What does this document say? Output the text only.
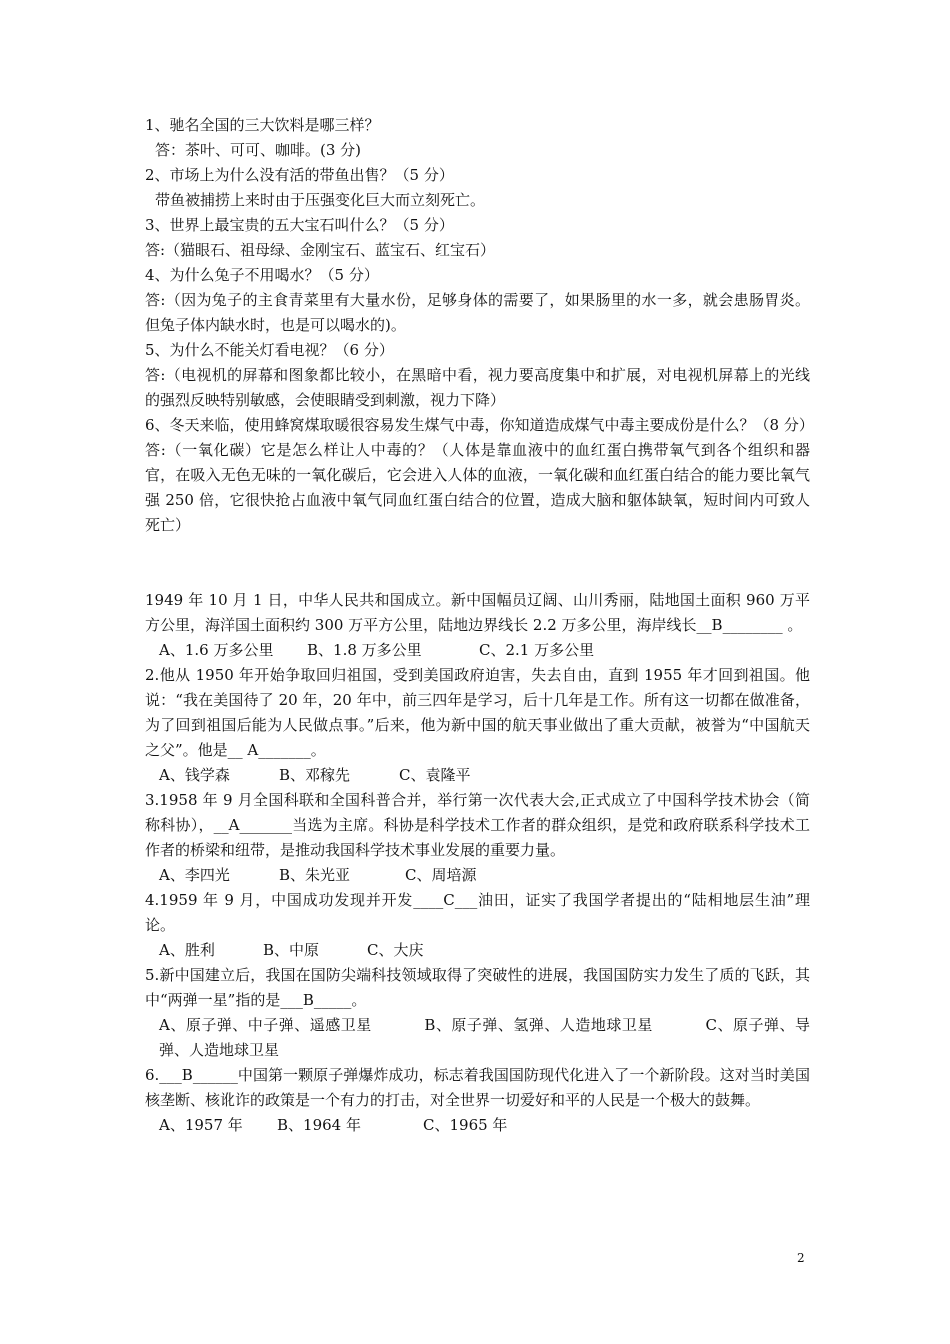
1、驰名全国的三大饮料是哪三样？
答：茶叶、可可、咖啡。(3 分)
2、市场上为什么没有活的带鱼出售？（5 分）
带鱼被捕捞上来时由于压强变化巨大而立刻死亡。
3、世界上最宝贵的五大宝石叫什么？（5 分）
答:（猫眼石、祖母绿、金刚宝石、蓝宝石、红宝石）
4、为什么兔子不用喝水？（5 分）
答:（因为兔子的主食青菜里有大量水份，足够身体的需要了，如果肠里的水一多，就会患肠胃炎。但兔子体内缺水时，也是可以喝水的)。
5、为什么不能关灯看电视？（6 分）
答:（电视机的屏幕和图象都比较小，在黑暗中看，视力要高度集中和扩展，对电视机屏幕上的光线的强烈反映特别敏感，会使眼睛受到刺激，视力下降）
6、冬天来临，使用蜂窝煤取暖很容易发生煤气中毒，你知道造成煤气中毒主要成份是什么？（8 分）
答:（一氧化碳）它是怎么样让人中毒的？（人体是靠血液中的血红蛋白携带氧气到各个组织和器官，在吸入无色无味的一氧化碳后，它会进入人体的血液，一氧化碳和血红蛋白结合的能力要比氧气强 250 倍，它很快抢占血液中氧气同血红蛋白结合的位置，造成大脑和躯体缺氧，短时间内可致人死亡）
1949 年 10 月 1 日，中华人民共和国成立。新中国幅员辽阔、山川秀丽，陆地国土面积 960 万平方公里，海洋国土面积约 300 万平方公里，陆地边界线长 2.2 万多公里，海岸线长__B________ 。
A、1.6 万多公里 B、1.8 万多公里	C、2.1 万多公里
2.他从 1950 年开始争取回归祖国，受到美国政府迫害，失去自由，直到 1955 年才回到祖国。他说：“我在美国待了 20 年，20 年中，前三四年是学习，后十几年是工作。所有这一切都在做准备，为了回到祖国后能为人民做点事。”后来，他为新中国的航天事业做出了重大贡献，被誉为“中国航天之父”。他是__ A_______。
A、钱学森	B、邓稼先	C、袁隆平
3.1958 年 9 月全国科联和全国科普合并，举行第一次代表大会,正式成立了中国科学技术协会（简称科协），__A_______当选为主席。科协是科学技术工作者的群众组织，是党和政府联系科学技术工作者的桥梁和纽带，是推动我国科学技术事业发展的重要力量。
A、李四光	B、朱光亚	C、周培源
4.1959 年 9 月，中国成功发现并开发____C___油田，证实了我国学者提出的“陆相地层生油”理论。
A、胜利	B、中原	C、大庆
5.新中国建立后，我国在国防尖端科技领域取得了突破性的进展，我国国防实力发生了质的飞跃，其中“两弹一星”指的是___B_____。
A、原子弹、中子弹、遥感卫星	B、原子弹、氢弹、人造地球卫星	C、原子弹、导弹、人造地球卫星
6.___B______中国第一颗原子弹爆炸成功，标志着我国国防现代化进入了一个新阶段。这对当时美国核垄断、核讹诈的政策是一个有力的打击，对全世界一切爱好和平的人民是一个极大的鼓舞。
A、1957 年 B、1964 年	C、1965 年
2
